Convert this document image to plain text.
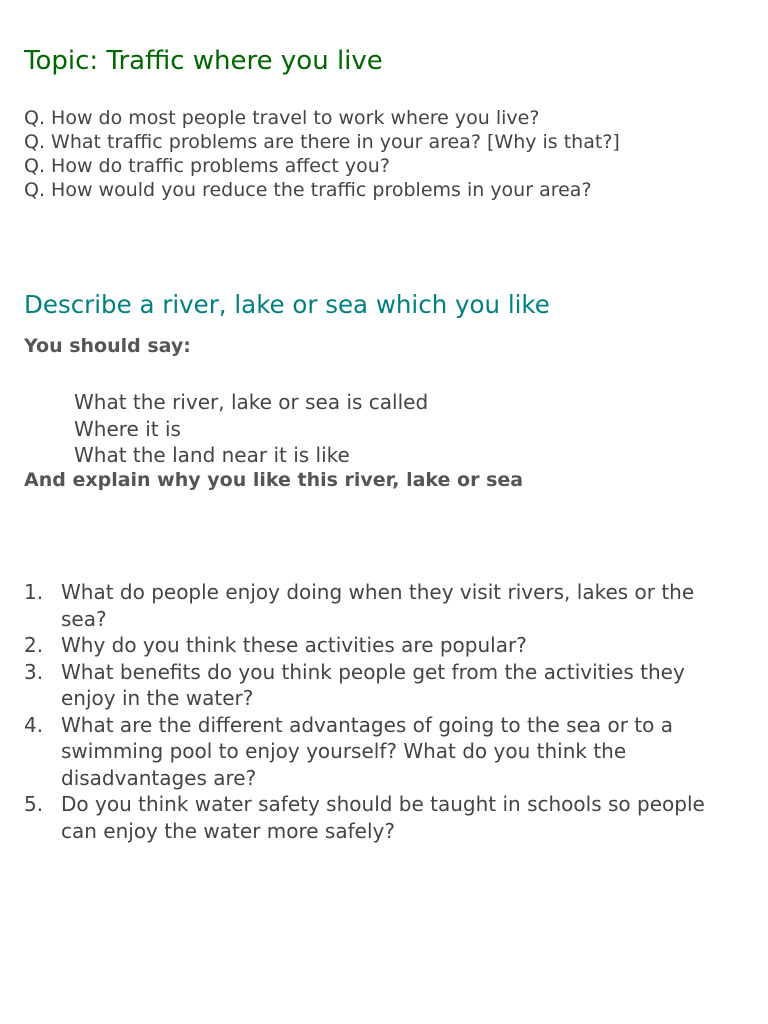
Topic: Traffic where you live
Q. How do most people travel to work where you live?
Q. What traffic problems are there in your area? [Why is that?]
Q. How do traffic problems affect you?
Q. How would you reduce the traffic problems in your area?
Describe a river, lake or sea which you like

You should say:

What the river, lake or sea is called
Where it is
What the land near it is like

And explain why you like this river, lake or sea

1. What do people enjoy doing when they visit rivers, lakes or the sea?
2. Why do you think these activities are popular?
3. What benefits do you think people get from the activities they enjoy in the water?
4. What are the different advantages of going to the sea or to a swimming pool to enjoy yourself? What do you think the disadvantages are?
5. Do you think water safety should be taught in schools so people can enjoy the water more safely?
